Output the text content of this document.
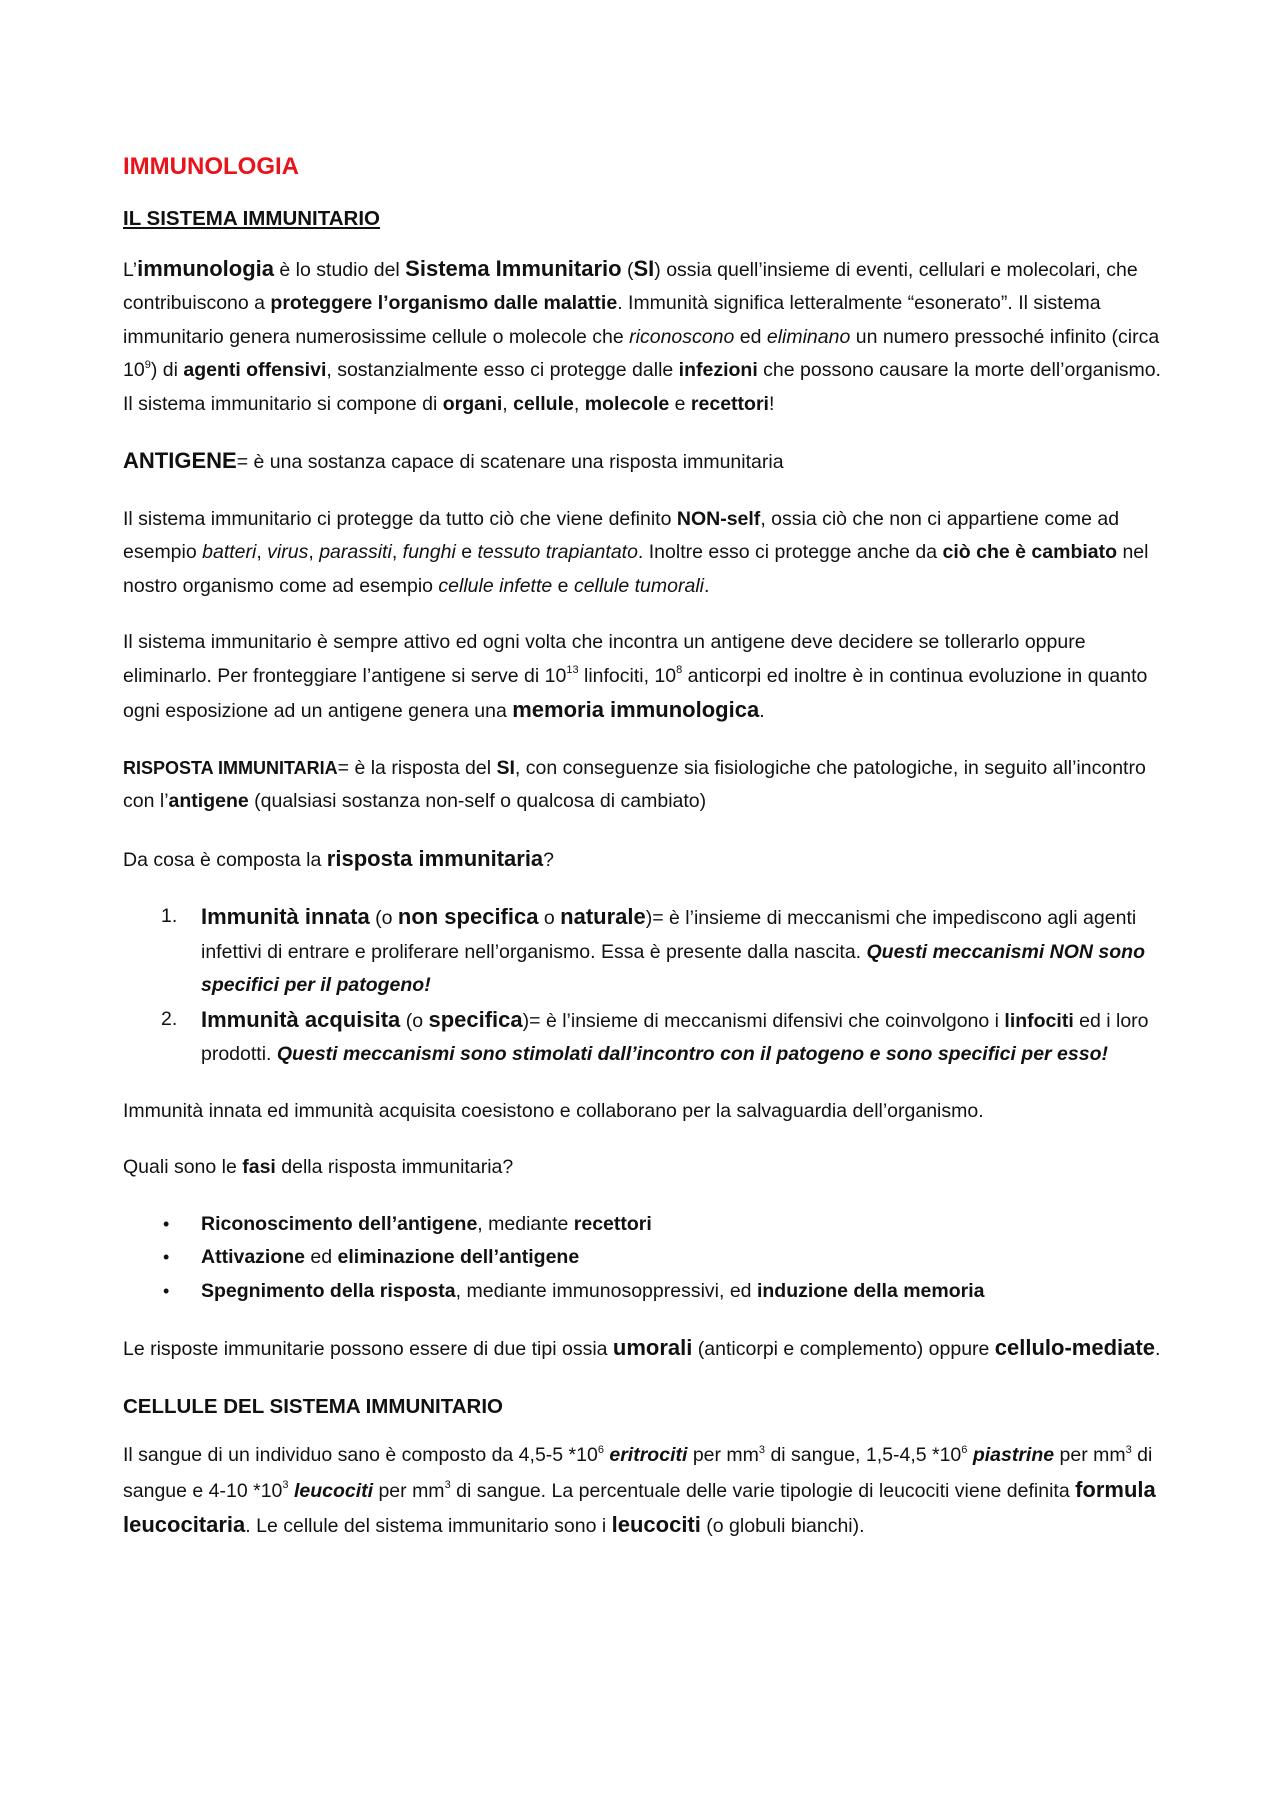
IMMUNOLOGIA

IL SISTEMA IMMUNITARIO

L’immunologia è lo studio del Sistema Immunitario (SI) ossia quell’insieme di eventi, cellulari e molecolari, che contribuiscono a proteggere l’organismo dalle malattie. Immunità significa letteralmente “esonerato”. Il sistema immunitario genera numerosissime cellule o molecole che riconoscono ed eliminano un numero pressoché infinito (circa $10^9$) di agenti offensivi, sostanzialmente esso ci protegge dalle infezioni che possono causare la morte dell’organismo. Il sistema immunitario si compone di organi, cellule, molecole e recettori!

ANTIGENE= è una sostanza capace di scatenare una risposta immunitaria

Il sistema immunitario ci protegge da tutto ciò che viene definito NON-self, ossia ciò che non ci appartiene come ad esempio batteri, virus, parassiti, funghi e tessuto trapiantato. Inoltre esso ci protegge anche da ciò che è cambiato nel nostro organismo come ad esempio cellule infette e cellule tumorali.

Il sistema immunitario è sempre attivo ed ogni volta che incontra un antigene deve decidere se tollerarlo oppure eliminarlo. Per fronteggiare l’antigene si serve di $10^{13}$ linfociti, $10^8$ anticorpi ed inoltre è in continua evoluzione in quanto ogni esposizione ad un antigene genera una memoria immunologica.

RISPOSTA IMMUNITARIA= è la risposta del SI, con conseguenze sia fisiologiche che patologiche, in seguito all’incontro con l’antigene (qualsiasi sostanza non-self o qualcosa di cambiato)

Da cosa è composta la risposta immunitaria?

1. Immunità innata (o non specifica o naturale)= è l’insieme di meccanismi che impediscono agli agenti infettivi di entrare e proliferare nell’organismo. Essa è presente dalla nascita. Questi meccanismi NON sono specifici per il patogeno!
2. Immunità acquisita (o specifica)= è l’insieme di meccanismi difensivi che coinvolgono i linfociti ed i loro prodotti. Questi meccanismi sono stimolati dall’incontro con il patogeno e sono specifici per esso!

Immunità innata ed immunità acquisita coesistono e collaborano per la salvaguardia dell’organismo.

Quali sono le fasi della risposta immunitaria?

• Riconoscimento dell’antigene, mediante recettori
• Attivazione ed eliminazione dell’antigene
• Spegnimento della risposta, mediante immunosoppressivi, ed induzione della memoria

Le risposte immunitarie possono essere di due tipi ossia umorali (anticorpi e complemento) oppure cellulo-mediate.

CELLULE DEL SISTEMA IMMUNITARIO

Il sangue di un individuo sano è composto da 4,5-5 $*10^6$ eritrociti per $mm^3$ di sangue, 1,5-4,5 $*10^6$ piastrine per $mm^3$ di sangue e 4-10 $*10^3$ leucociti per $mm^3$ di sangue. La percentuale delle varie tipologie di leucociti viene definita formula leucocitaria. Le cellule del sistema immunitario sono i leucociti (o globuli bianchi).
